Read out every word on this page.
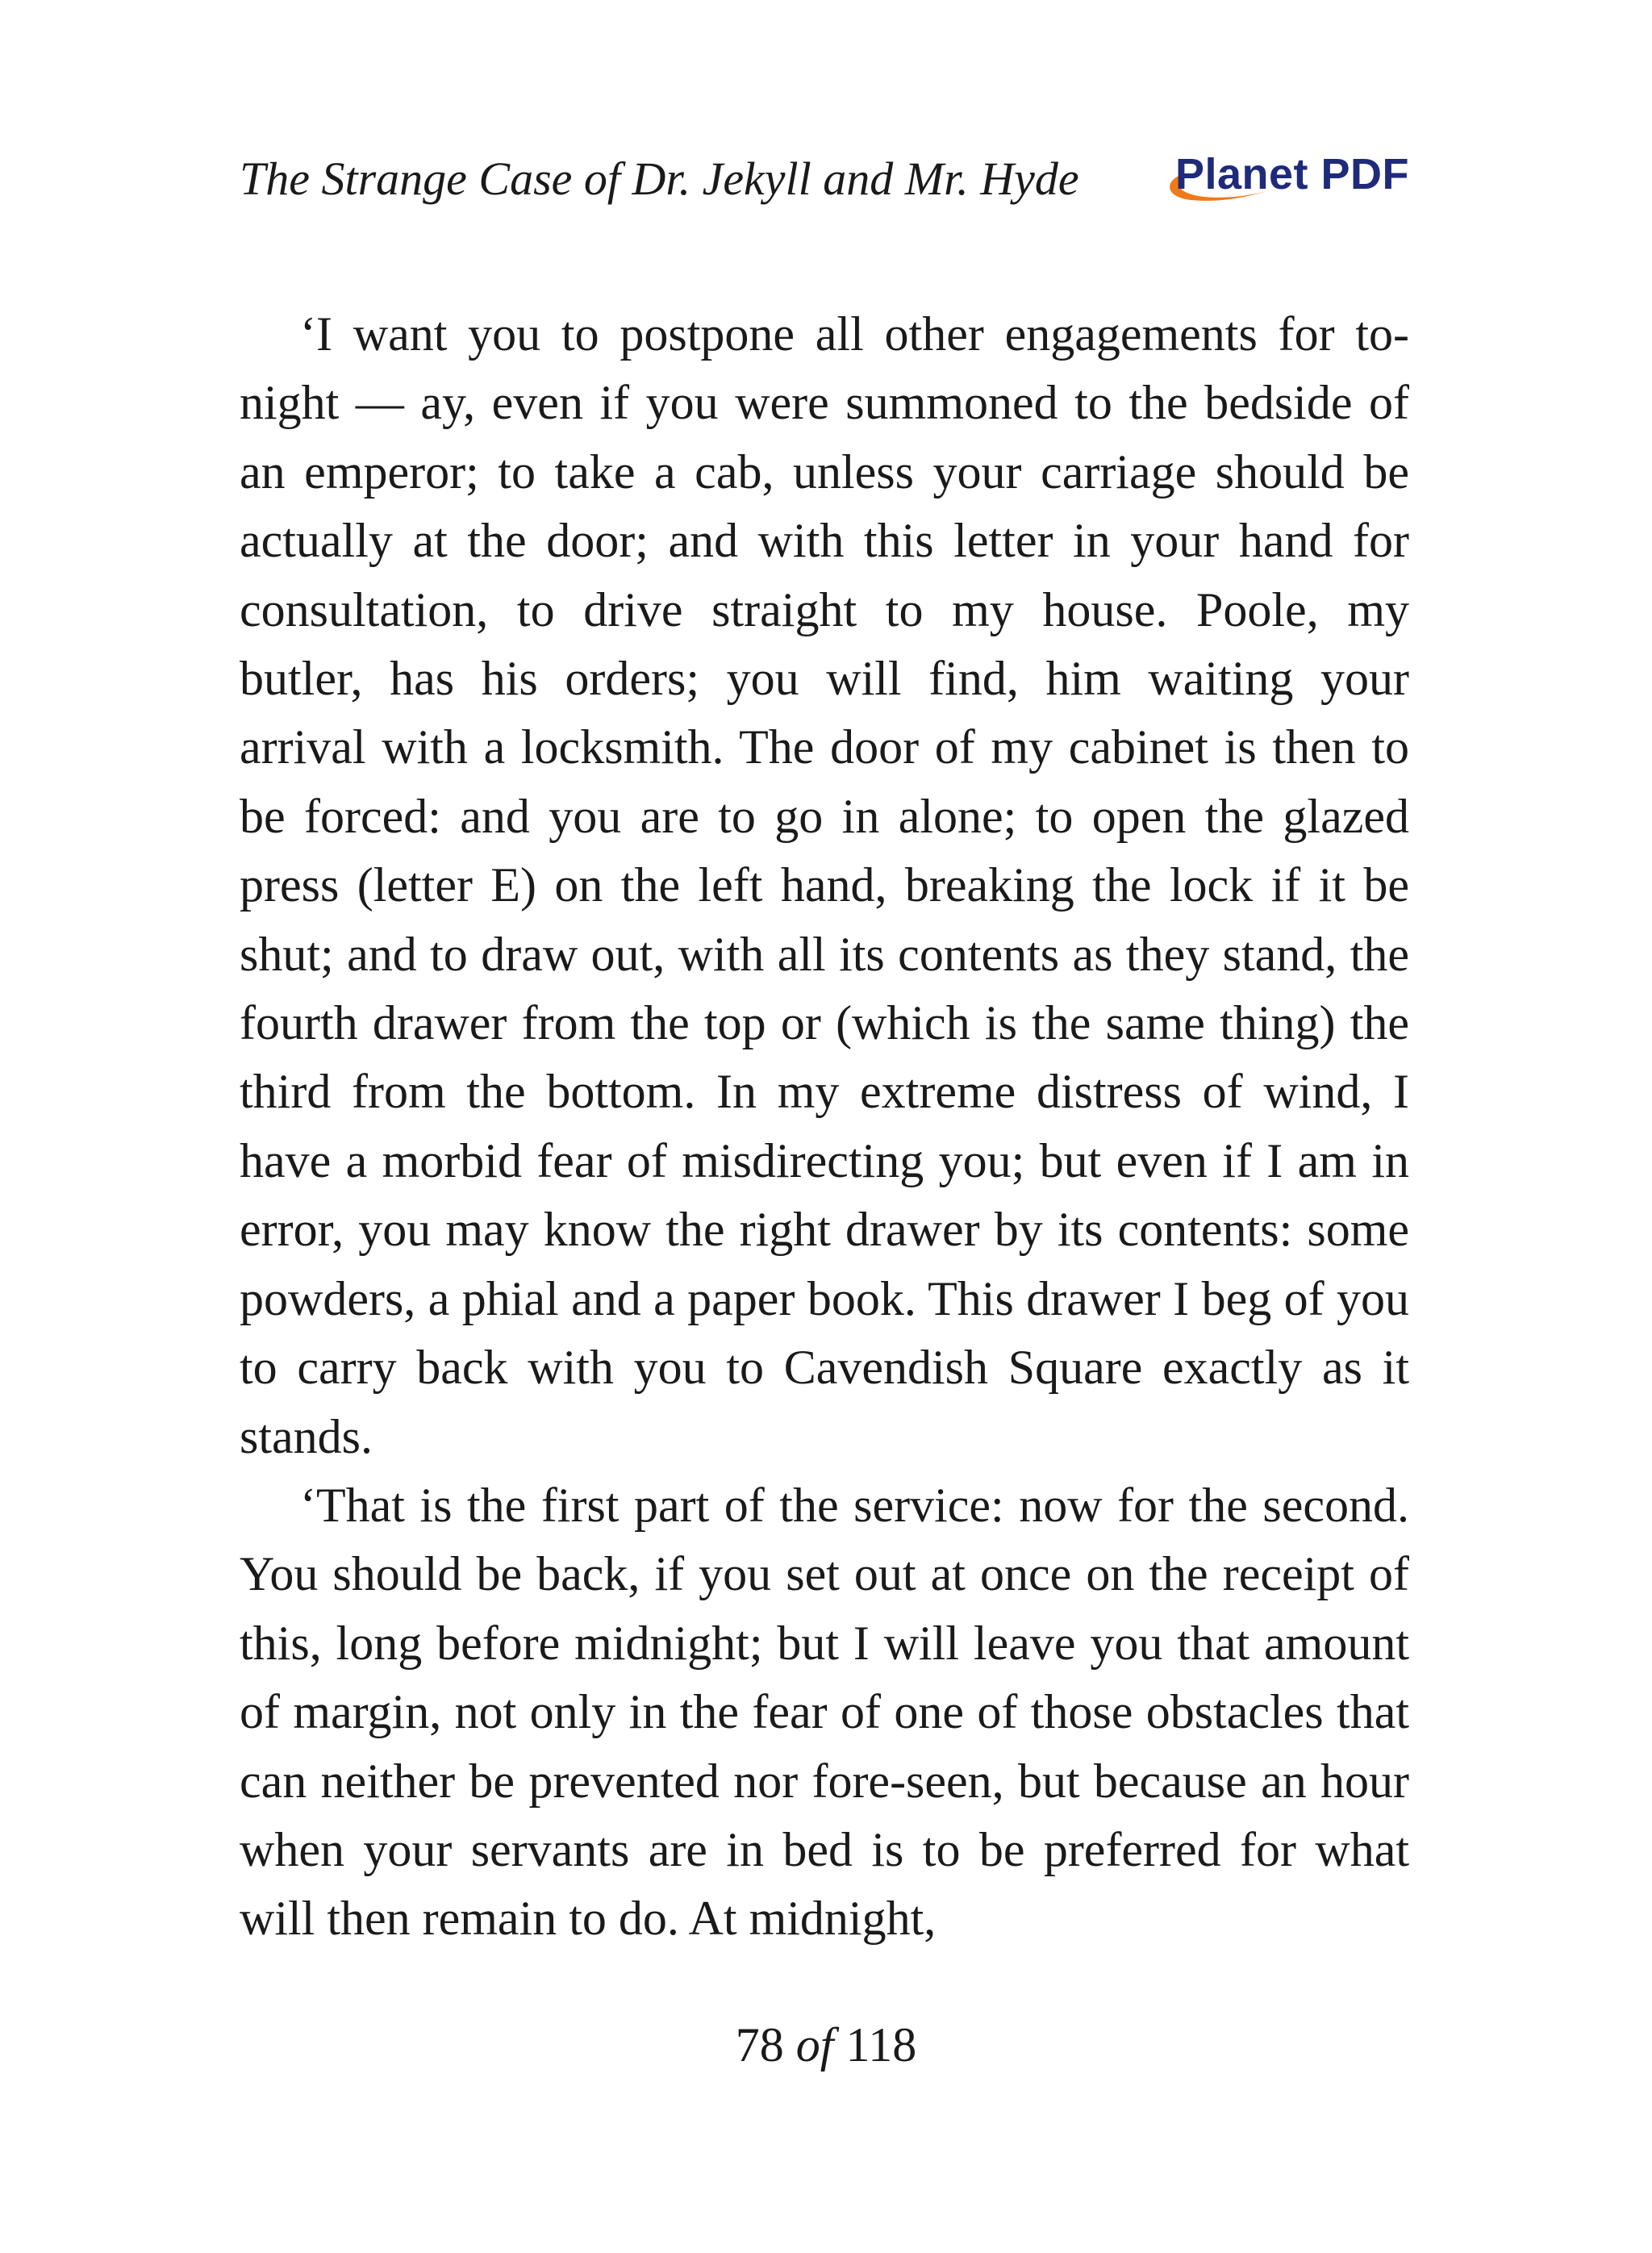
The Strange Case of Dr. Jekyll and Mr. Hyde Planet PDF

‘I want you to postpone all other engagements for to-night — ay, even if you were summoned to the bedside of an emperor; to take a cab, unless your carriage should be actually at the door; and with this letter in your hand for consultation, to drive straight to my house. Poole, my butler, has his orders; you will find, him waiting your arrival with a locksmith. The door of my cabinet is then to be forced: and you are to go in alone; to open the glazed press (letter E) on the left hand, breaking the lock if it be shut; and to draw out, with all its contents as they stand, the fourth drawer from the top or (which is the same thing) the third from the bottom. In my extreme distress of wind, I have a morbid fear of misdirecting you; but even if I am in error, you may know the right drawer by its contents: some powders, a phial and a paper book. This drawer I beg of you to carry back with you to Cavendish Square exactly as it stands.

‘That is the first part of the service: now for the second. You should be back, if you set out at once on the receipt of this, long before midnight; but I will leave you that amount of margin, not only in the fear of one of those obstacles that can neither be prevented nor fore-seen, but because an hour when your servants are in bed is to be preferred for what will then remain to do. At midnight,

78 of 118
